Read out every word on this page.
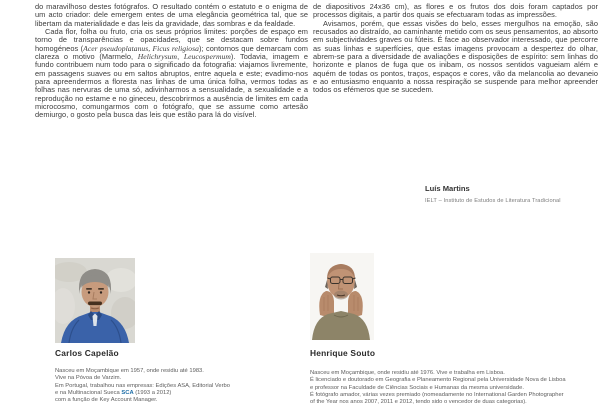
do maravilhoso destes fotógrafos. O resultado contém o estatuto e o enigma de um acto criador: dele emergem entes de uma elegância geométrica tal, que se libertam da materialidade e das leis da gravidade, das sombras e da fealdade.

Cada flor, folha ou fruto, cria os seus próprios limites: porções de espaço em torno de transparências e opacidades, que se destacam sobre fundos homogéneos (Acer pseudoplatanus, Ficus religiosa); contornos que demarcam com clareza o motivo (Marmelo, Helichrysum, Leucospermum). Todavia, imagem e fundo contribuem num todo para o significado da fotografia: viajamos livremente, em passagens suaves ou em saltos abruptos, entre aquela e este; evadimo-nos para apreendermos a floresta nas linhas de uma única folha, vermos todas as folhas nas nervuras de uma só, adivinharmos a sensualidade, a sexualidade e a reprodução no estame e no gineceu, descobrirmos a ausência de limites em cada microcosmo, comungarmos com o fotógrafo, que se assume como artesão demiurgo, o gosto pela busca das leis que estão para lá do visível.

de diapositivos 24x36 cm), as flores e os frutos dos dois foram captados por processos digitais, a partir dos quais se efectuaram todas as impressões.

Avisamos, porém, que essas visões do belo, esses mergulhos na emoção, são recusados ao distraído, ao caminhante metido com os seus pensamentos, ao absorto em subjectividades graves ou fúteis. É face ao observador interessado, que percorre as suas linhas e superfícies, que estas imagens provocam a despertez do olhar, abrem-se para a diversidade de avaliações e disposições de espírito: sem linhas do horizonte e planos de fuga que os inibam, os nossos sentidos vagueiam além e aquém de todas os pontos, traços, espaços e cores, vão da melancolia ao devaneio e ao entusiasmo enquanto a nossa respiração se suspende para melhor apreender todos os efémeros que se sucedem.

Luís Martins
IELT – Instituto de Estudos de Literatura Tradicional
Carlos Capelão	Henrique Souto
Nasceu em Moçambique em 1957, onde residiu até 1983.
Vive na Póvoa de Varzim.
Em Portugal, trabalhou nas empresas: Edições ASA, Editorial Verbo
e na Multinacional Sueca SCA (1993 a 2012)
com a função de Key Account Manager.
Nasceu em Moçambique, onde residiu até 1976. Vive e trabalha em Lisboa.
É licenciado e doutorado em Geografia e Planeamento Regional pela Universidade Nova de Lisboa
e professor na Faculdade de Ciências Sociais e Humanas da mesma universidade.
É fotógrafo amador, várias vezes premiado (nomeadamente no International Garden Photographer
of the Year nos anos 2007, 2011 e 2012, tendo sido o vencedor de duas categorias).
